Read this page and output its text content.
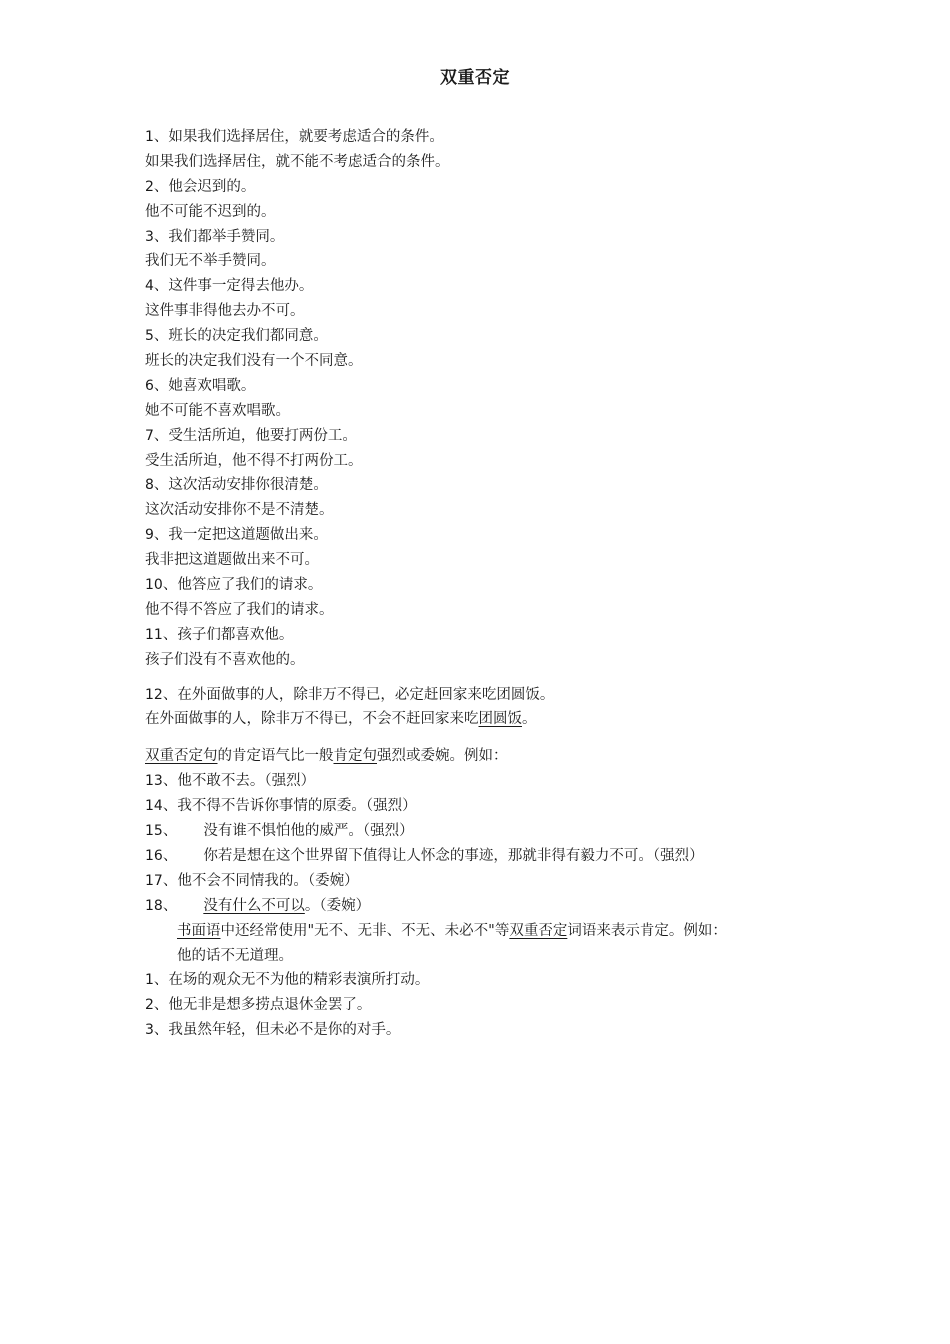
双重否定
1、如果我们选择居住，就要考虑适合的条件。
如果我们选择居住，就不能不考虑适合的条件。
2、他会迟到的。
他不可能不迟到的。
3、我们都举手赞同。
我们无不举手赞同。
4、这件事一定得去他办。
这件事非得他去办不可。
5、班长的决定我们都同意。
班长的决定我们没有一个不同意。
6、她喜欢唱歌。
她不可能不喜欢唱歌。
7、受生活所迫，他要打两份工。
受生活所迫，他不得不打两份工。
8、这次活动安排你很清楚。
这次活动安排你不是不清楚。
9、我一定把这道题做出来。
我非把这道题做出来不可。
10、他答应了我们的请求。
他不得不答应了我们的请求。
11、孩子们都喜欢他。
孩子们没有不喜欢他的。
12、在外面做事的人，除非万不得已，必定赶回家来吃团圆饭。
在外面做事的人，除非万不得已，不会不赶回家来吃团圆饭。
双重否定句的肯定语气比一般肯定句强烈或委婉。例如：
13、他不敢不去。（强烈）
14、我不得不告诉你事情的原委。（强烈）
15、 没有谁不惧怕他的威严。（强烈）
16、 你若是想在这个世界留下值得让人怀念的事迹，那就非得有毅力不可。（强烈）
17、他不会不同情我的。（委婉）
18、 没有什么不可以。（委婉）
书面语中还经常使用"无不、无非、不无、未必不"等双重否定词语来表示肯定。例如：
他的话不无道理。
1、在场的观众无不为他的精彩表演所打动。
2、他无非是想多捞点退休金罢了。
3、我虽然年轻，但未必不是你的对手。
